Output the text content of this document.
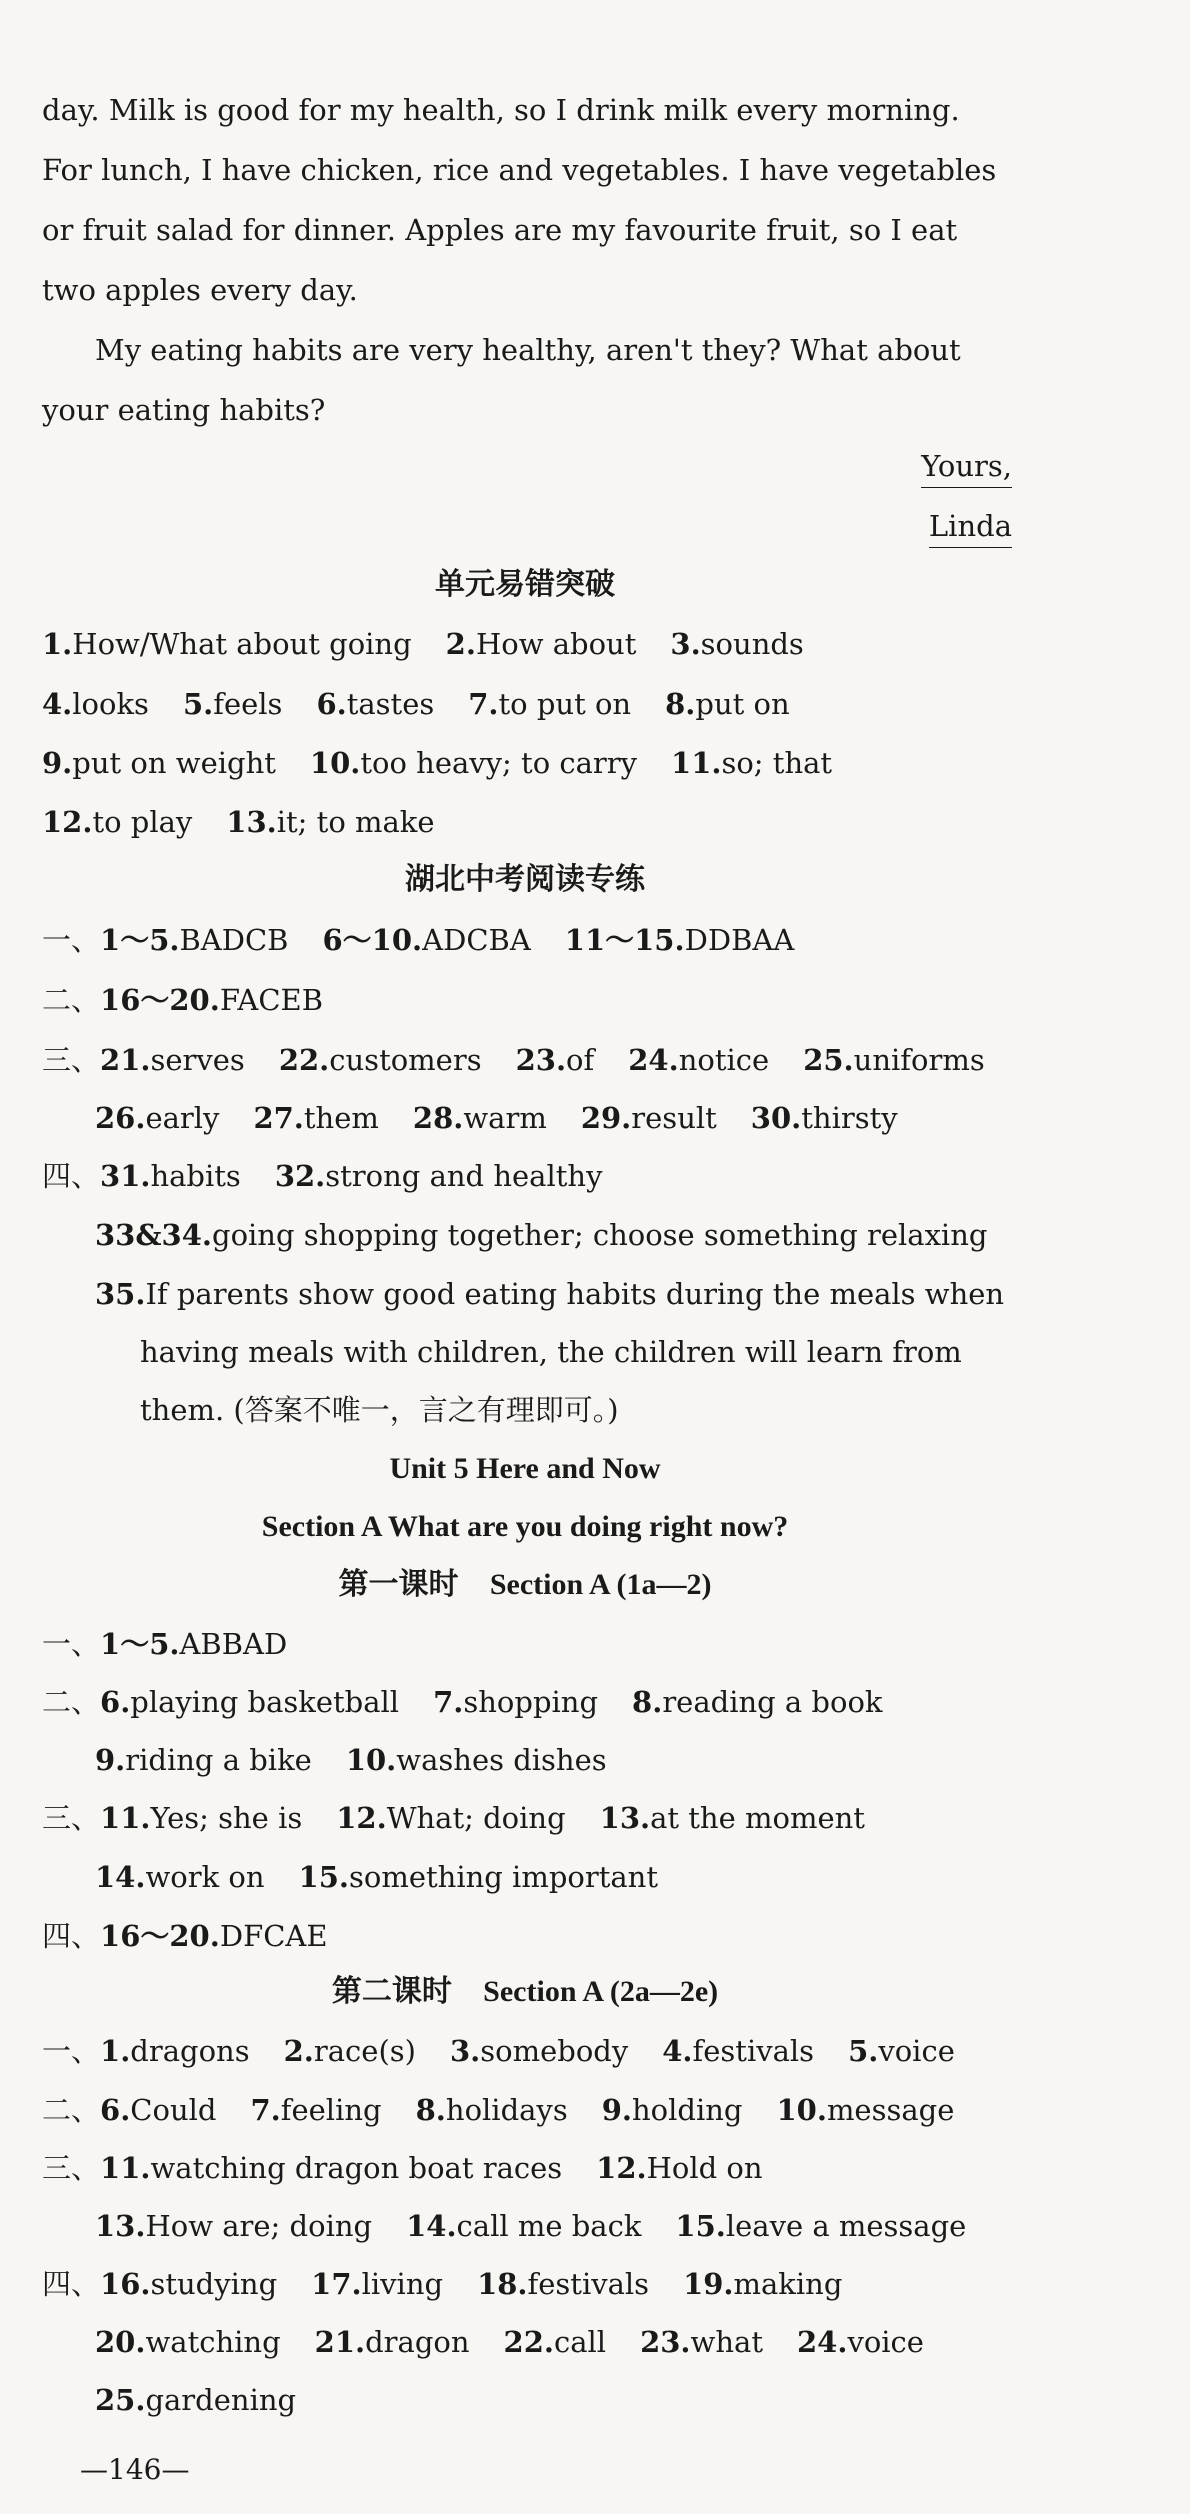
day. Milk is good for my health, so I drink milk every morning.
For lunch, I have chicken, rice and vegetables. I have vegetables
or fruit salad for dinner. Apples are my favourite fruit, so I eat
two apples every day.
My eating habits are very healthy, aren't they? What about
your eating habits?
Yours,
Linda
单元易错突破
1.How/What about going 2.How about 3.sounds
4.looks 5.feels 6.tastes 7.to put on 8.put on
9.put on weight 10.too heavy; to carry 11.so; that
12.to play 13.it; to make
湖北中考阅读专练
一、1～5.BADCB 6～10.ADCBA 11～15.DDBAA
二、16～20.FACEB
三、21.serves 22.customers 23.of 24.notice 25.uniforms
26.early 27.them 28.warm 29.result 30.thirsty
四、31.habits 32.strong and healthy
33&34.going shopping together; choose something relaxing
35.If parents show good eating habits during the meals when
having meals with children, the children will learn from
them. (答案不唯一，言之有理即可。)
Unit 5 Here and Now
Section A What are you doing right now?
第一课时 Section A (1a—2)
一、1～5.ABBAD
二、6.playing basketball 7.shopping 8.reading a book
9.riding a bike 10.washes dishes
三、11.Yes; she is 12.What; doing 13.at the moment
14.work on 15.something important
四、16～20.DFCAE
第二课时 Section A (2a—2e)
一、1.dragons 2.race(s) 3.somebody 4.festivals 5.voice
二、6.Could 7.feeling 8.holidays 9.holding 10.message
三、11.watching dragon boat races 12.Hold on
13.How are; doing 14.call me back 15.leave a message
四、16.studying 17.living 18.festivals 19.making
20.watching 21.dragon 22.call 23.what 24.voice
25.gardening
—146—
